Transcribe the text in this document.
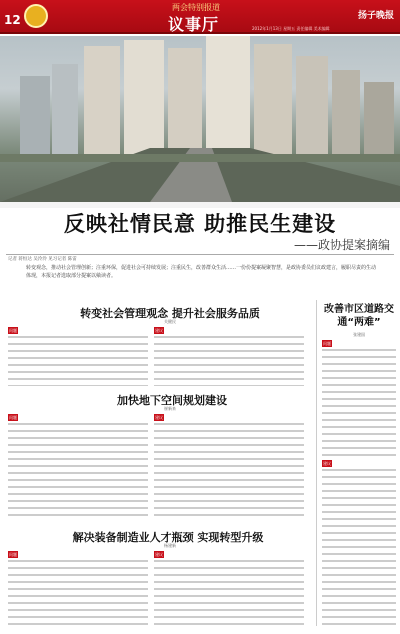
12
两会特别报道
议事厅	扬子晚报
2012年1月13日 星期五 责任编辑 美术编辑
反映社情民意 助推民生建设
——政协提案摘编
记者 蒋恒达 吴泠泠 见习记者 陈雷
转变观念，推动社会管理创新；注重环保，促进社会可持续发展；注重民生，改善群众生活……一份份提案凝聚智慧，是政协委员们议政建言，履职尽责的生动体现，本报记者选取部分提案以飨读者。
转变社会管理观念 提升社会服务品质
关健民
问题	建议
加快地下空间规划建设
崔新来
问题	建议
解决装备制造业人才瓶颈 实现转型升级
杨建新
问题	建议
改善市区道路交通“两难”
张建国
问题
建议
